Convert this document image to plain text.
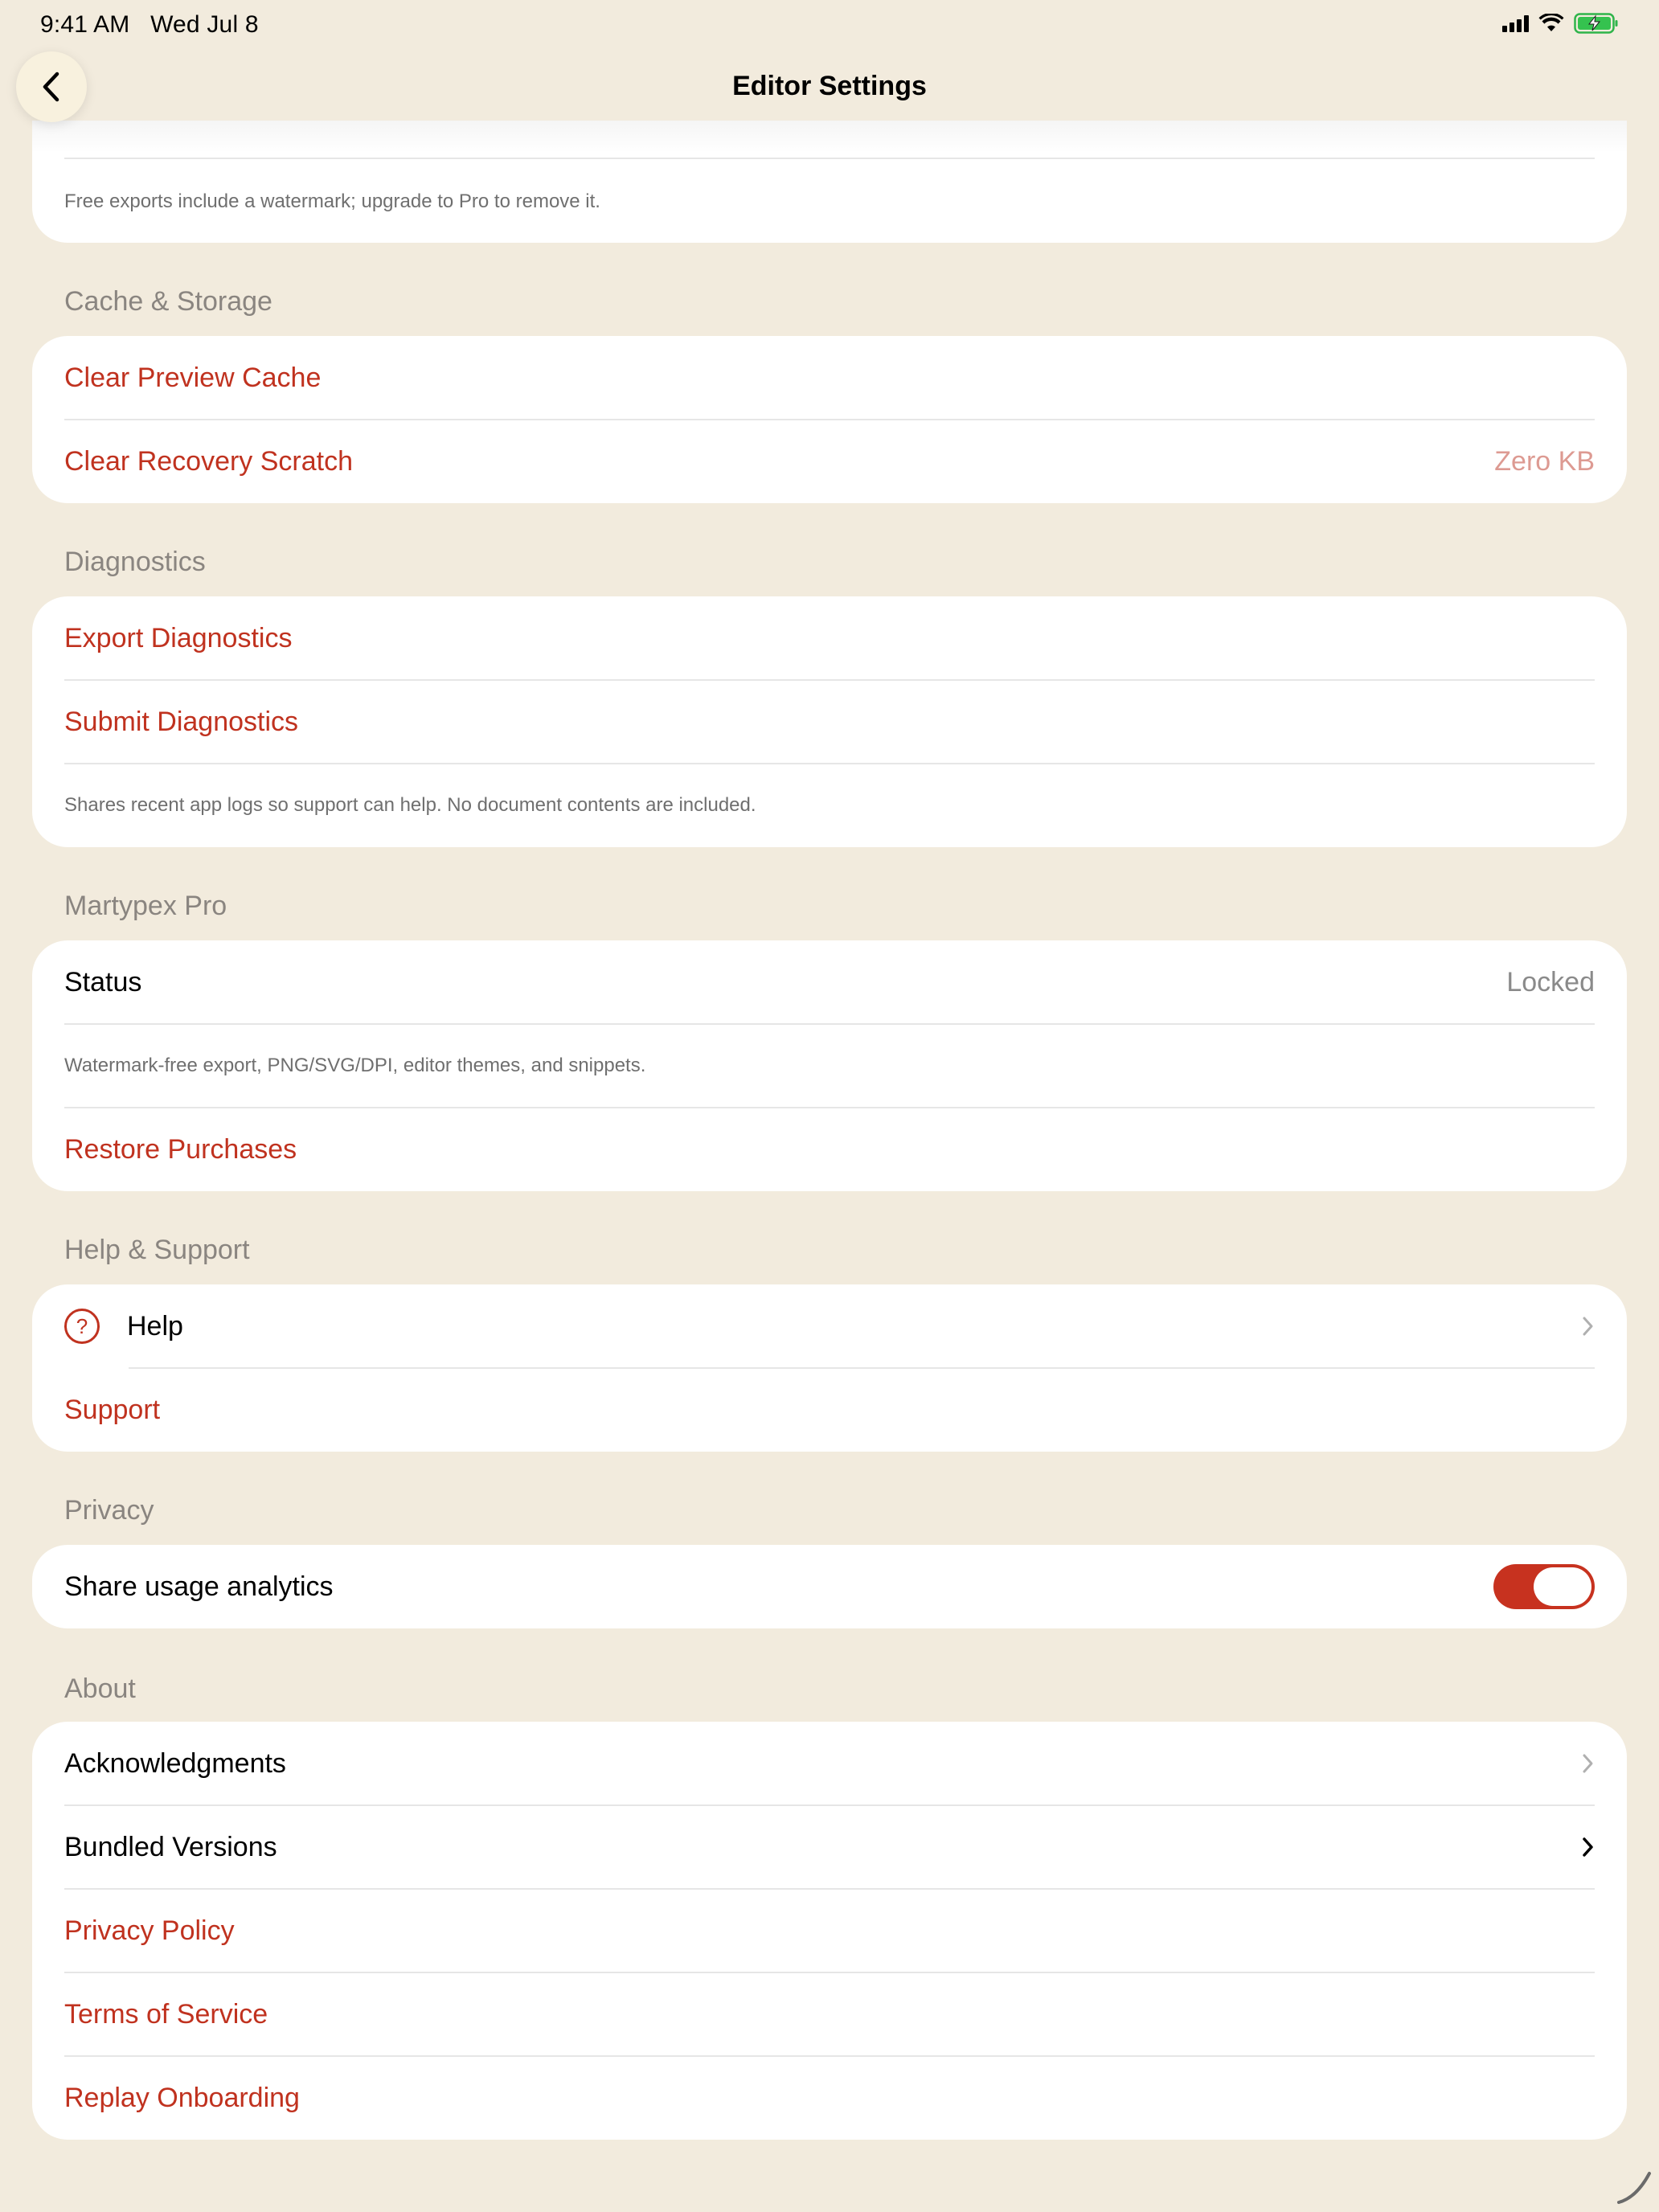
9:41 AM Wed Jul 8
Free exports include a watermark; upgrade to Pro to remove it.
Cache & Storage
Clear Preview Cache
Clear Recovery Scratch	Zero KB
Diagnostics
Export Diagnostics
Submit Diagnostics
Shares recent app logs so support can help. No document contents are included.
Martypex Pro
Status	Locked
Watermark-free export, PNG/SVG/DPI, editor themes, and snippets.
Restore Purchases
Help & Support
?	Help
Support
Privacy
Share usage analytics
About
Acknowledgments
Bundled Versions
Privacy Policy
Terms of Service
Replay Onboarding
Editor Settings
